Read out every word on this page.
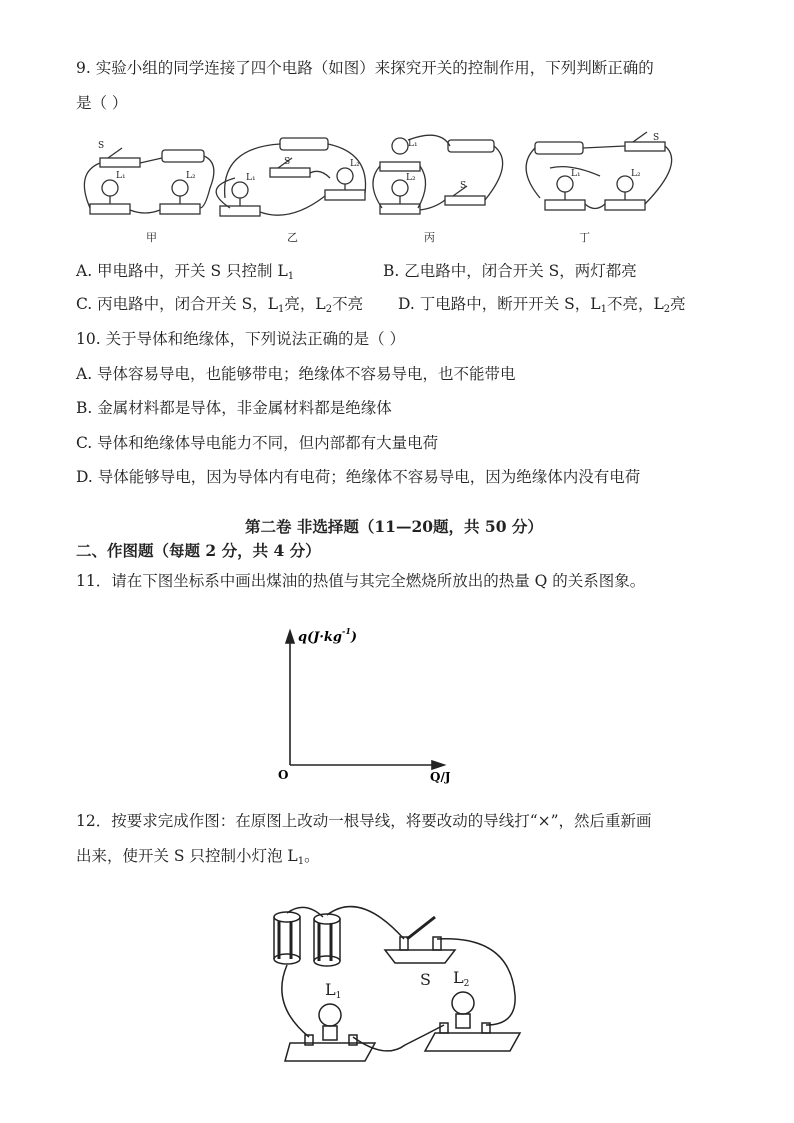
9. 实验小组的同学连接了四个电路（如图）来探究开关的控制作用，下列判断正确的
是（ ）
S
L₁	L₂
S
L₁
L₂
L₁
L₂
S
S
L₁	L₂
甲	乙	丙	丁
A. 甲电路中，开关 S 只控制 $L_1$	B. 乙电路中，闭合开关 S，两灯都亮
C. 丙电路中，闭合开关 S，$L_1$亮，$L_2$不亮 D. 丁电路中，断开开关 S，$L_1$不亮，$L_2$亮
10. 关于导体和绝缘体，下列说法正确的是（ ）
A. 导体容易导电，也能够带电；绝缘体不容易导电，也不能带电
B. 金属材料都是导体，非金属材料都是绝缘体
C. 导体和绝缘体导电能力不同，但内部都有大量电荷
D. 导体能够导电，因为导体内有电荷；绝缘体不容易导电，因为绝缘体内没有电荷
第二卷 非选择题（11—20题，共 50 分）
二、作图题（每题 2 分，共 4 分）
11．请在下图坐标系中画出煤油的热值与其完全燃烧所放出的热量 Q 的关系图象。
$q(J\cdot kg^{-1})$
Q/J
O
12．按要求完成作图：在原图上改动一根导线，将要改动的导线打“×”，然后重新画
出来，使开关 S 只控制小灯泡 $L_1$。
S
L1
L2
